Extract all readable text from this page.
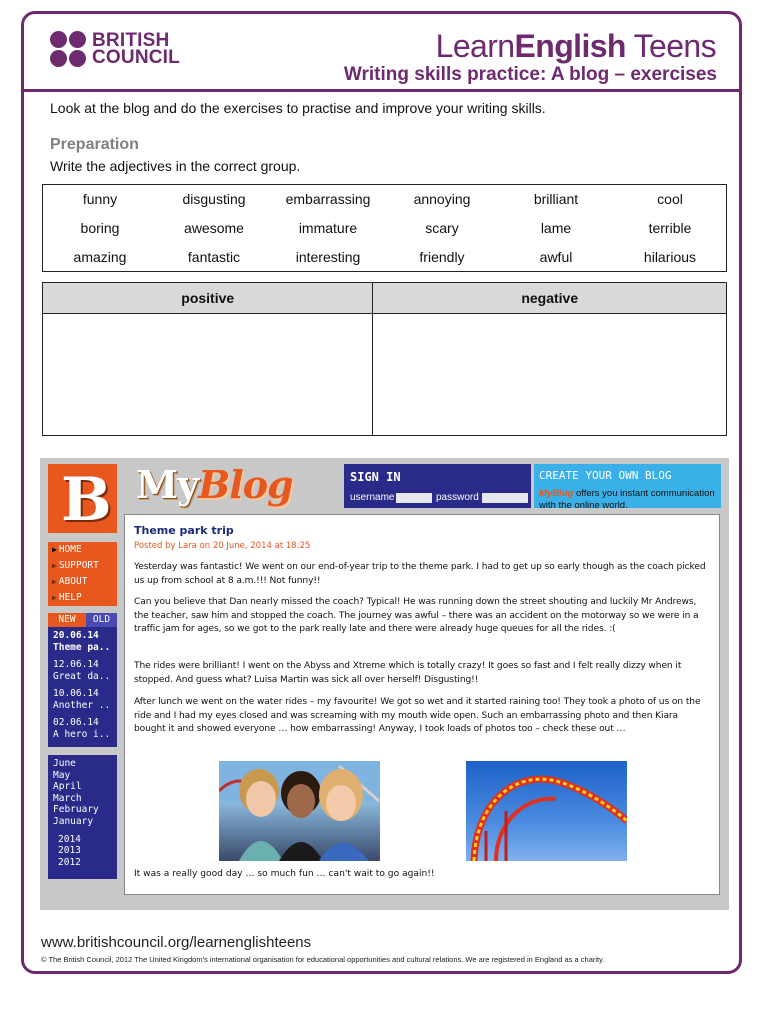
BRITISH
COUNCIL	LearnEnglish Teens
Writing skills practice: A blog – exercises
Look at the blog and do the exercises to practise and improve your writing skills.
Preparation
Write the adjectives in the correct group.
funny	disgusting	embarrassing	annoying	brilliant	cool
boring	awesome	immature	scary	lame	terrible
amazing	fantastic	interesting	friendly	awful	hilarious
positive	negative

B MyBlog	SIGN IN
username	password
CREATE YOUR OWN BLOG
MyBlog offers you instant communication with the online world.
▶ HOME
▶ SUPPORT
▶ ABOUT
▶ HELP
NEW	OLD
20.06.14
Theme pa..
12.06.14
Great da..
10.06.14
Another ..
02.06.14
A hero i..
June
May
April
March
February
January
2014
2013
2012
Theme park trip
Posted by Lara on 20 June, 2014 at 18:25
Yesterday was fantastic! We went on our end-of-year trip to the theme park. I had to get up so early though as the coach picked us up from school at 8 a.m.!!! Not funny!!
Can you believe that Dan nearly missed the coach? Typical! He was running down the street shouting and luckily Mr Andrews, the teacher, saw him and stopped the coach. The journey was awful – there was an accident on the motorway so we were in a traffic jam for ages, so we got to the park really late and there were already huge queues for all the rides. :(
The rides were brilliant! I went on the Abyss and Xtreme which is totally crazy! It goes so fast and I felt really dizzy when it stopped. And guess what? Luisa Martin was sick all over herself! Disgusting!!
After lunch we went on the water rides – my favourite! We got so wet and it started raining too! They took a photo of us on the ride and I had my eyes closed and was screaming with my mouth wide open. Such an embarrassing photo and then Kiara bought it and showed everyone … how embarrassing! Anyway, I took loads of photos too – check these out …
It was a really good day … so much fun … can't wait to go again!!
www.britishcouncil.org/learnenglishteens
© The British Council, 2012 The United Kingdom's international organisation for educational opportunities and cultural relations. We are registered in England as a charity.
